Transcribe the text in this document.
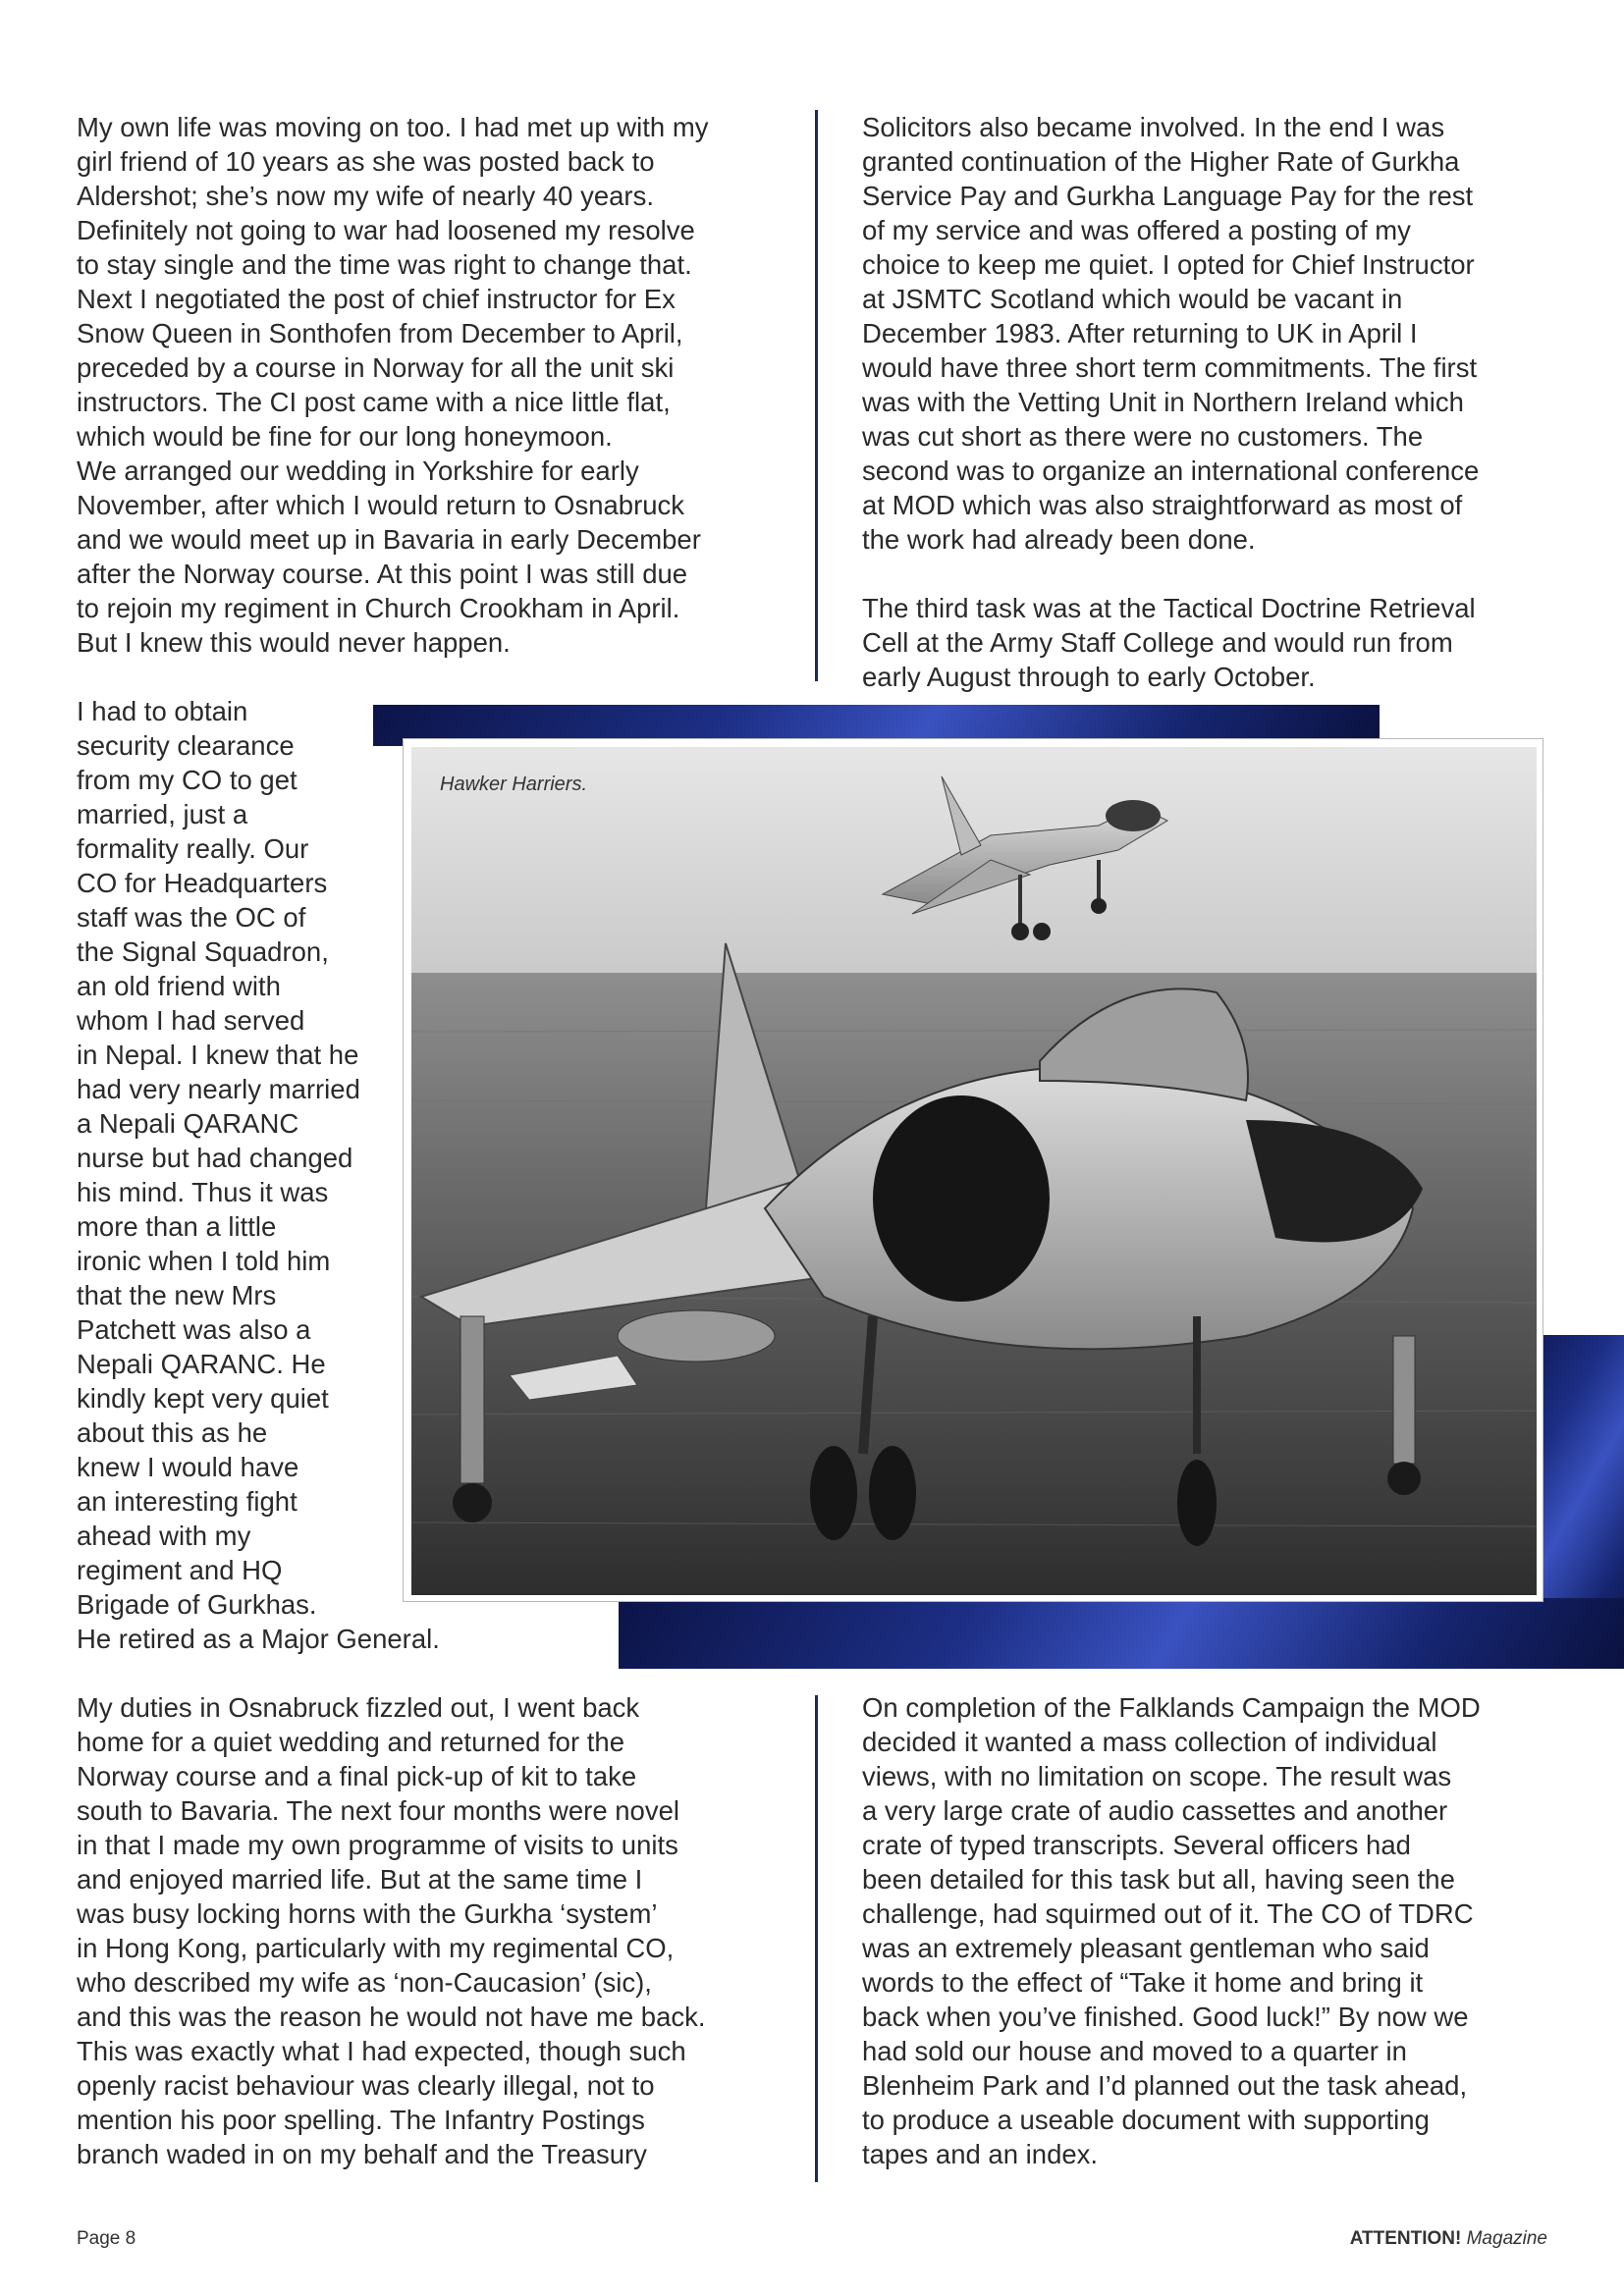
My own life was moving on too. I had met up with my
girl friend of 10 years as she was posted back to
Aldershot; she’s now my wife of nearly 40 years.
Definitely not going to war had loosened my resolve
to stay single and the time was right to change that.
Next I negotiated the post of chief instructor for Ex
Snow Queen in Sonthofen from December to April,
preceded by a course in Norway for all the unit ski
instructors. The CI post came with a nice little flat,
which would be fine for our long honeymoon.
We arranged our wedding in Yorkshire for early
November, after which I would return to Osnabruck
and we would meet up in Bavaria in early December
after the Norway course. At this point I was still due
to rejoin my regiment in Church Crookham in April.
But I knew this would never happen.

Solicitors also became involved. In the end I was
granted continuation of the Higher Rate of Gurkha
Service Pay and Gurkha Language Pay for the rest
of my service and was offered a posting of my
choice to keep me quiet. I opted for Chief Instructor
at JSMTC Scotland which would be vacant in
December 1983. After returning to UK in April I
would have three short term commitments. The first
was with the Vetting Unit in Northern Ireland which
was cut short as there were no customers. The
second was to organize an international conference
at MOD which was also straightforward as most of
the work had already been done.

The third task was at the Tactical Doctrine Retrieval
Cell at the Army Staff College and would run from
early August through to early October.

Hawker Harriers.

I had to obtain
security clearance
from my CO to get
married, just a
formality really. Our
CO for Headquarters
staff was the OC of
the Signal Squadron,
an old friend with
whom I had served
in Nepal. I knew that he
had very nearly married
a Nepali QARANC
nurse but had changed
his mind. Thus it was
more than a little
ironic when I told him
that the new Mrs
Patchett was also a
Nepali QARANC. He
kindly kept very quiet
about this as he
knew I would have
an interesting fight
ahead with my
regiment and HQ
Brigade of Gurkhas.
He retired as a Major General.

My duties in Osnabruck fizzled out, I went back
home for a quiet wedding and returned for the
Norway course and a final pick-up of kit to take
south to Bavaria. The next four months were novel
in that I made my own programme of visits to units
and enjoyed married life. But at the same time I
was busy locking horns with the Gurkha ‘system’
in Hong Kong, particularly with my regimental CO,
who described my wife as ‘non-Caucasion’ (sic),
and this was the reason he would not have me back.
This was exactly what I had expected, though such
openly racist behaviour was clearly illegal, not to
mention his poor spelling. The Infantry Postings
branch waded in on my behalf and the Treasury

On completion of the Falklands Campaign the MOD
decided it wanted a mass collection of individual
views, with no limitation on scope. The result was
a very large crate of audio cassettes and another
crate of typed transcripts. Several officers had
been detailed for this task but all, having seen the
challenge, had squirmed out of it. The CO of TDRC
was an extremely pleasant gentleman who said
words to the effect of “Take it home and bring it
back when you’ve finished. Good luck!” By now we
had sold our house and moved to a quarter in
Blenheim Park and I’d planned out the task ahead,
to produce a useable document with supporting
tapes and an index.

Page 8	ATTENTION! Magazine
